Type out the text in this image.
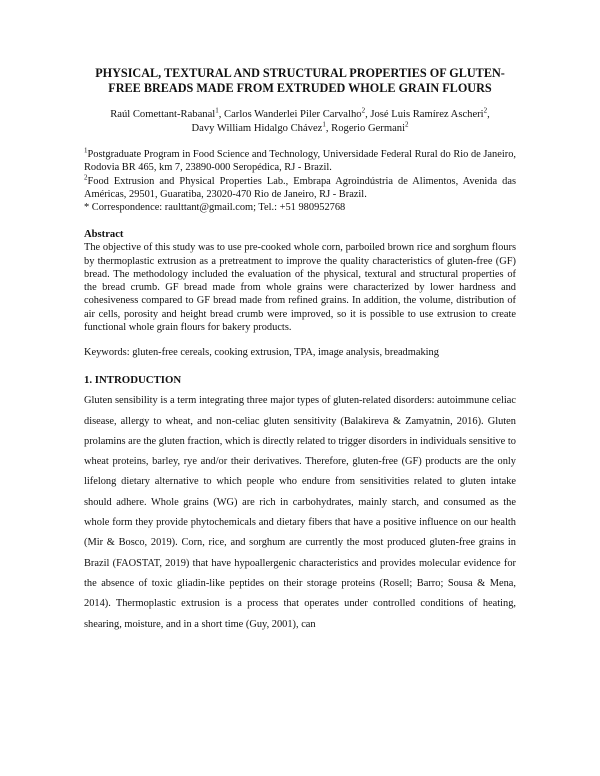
PHYSICAL, TEXTURAL AND STRUCTURAL PROPERTIES OF GLUTEN-FREE BREADS MADE FROM EXTRUDED WHOLE GRAIN FLOURS
Raúl Comettant-Rabanal$^1$, Carlos Wanderlei Piler Carvalho$^2$, José Luis Ramírez Ascheri$^2$,
Davy William Hidalgo Chávez$^1$, Rogerio Germani$^2$

$^1$Postgraduate Program in Food Science and Technology, Universidade Federal Rural do Rio de Janeiro, Rodovia BR 465, km 7, 23890-000 Seropédica, RJ - Brazil.

$^2$Food Extrusion and Physical Properties Lab., Embrapa Agroindústria de Alimentos, Avenida das Américas, 29501, Guaratiba, 23020-470 Rio de Janeiro, RJ - Brazil.

* Correspondence: raulttant@gmail.com; Tel.: +51 980952768

Abstract

The objective of this study was to use pre-cooked whole corn, parboiled brown rice and sorghum flours by thermoplastic extrusion as a pretreatment to improve the quality characteristics of gluten-free (GF) bread. The methodology included the evaluation of the physical, textural and structural properties of the bread crumb. GF bread made from whole grains were characterized by lower hardness and cohesiveness compared to GF bread made from refined grains. In addition, the volume, distribution of air cells, porosity and height bread crumb were improved, so it is possible to use extrusion to create functional whole grain flours for bakery products.

Keywords: gluten-free cereals, cooking extrusion, TPA, image analysis, breadmaking
1. INTRODUCTION

Gluten sensibility is a term integrating three major types of gluten-related disorders: autoimmune celiac disease, allergy to wheat, and non-celiac gluten sensitivity (Balakireva & Zamyatnin, 2016). Gluten prolamins are the gluten fraction, which is directly related to trigger disorders in individuals sensitive to wheat proteins, barley, rye and/or their derivatives. Therefore, gluten-free (GF) products are the only lifelong dietary alternative to which people who endure from sensitivities related to gluten intake should adhere. Whole grains (WG) are rich in carbohydrates, mainly starch, and consumed as the whole form they provide phytochemicals and dietary fibers that have a positive influence on our health (Mir & Bosco, 2019). Corn, rice, and sorghum are currently the most produced gluten-free grains in Brazil (FAOSTAT, 2019) that have hypoallergenic characteristics and provides molecular evidence for the absence of toxic gliadin-like peptides on their storage proteins (Rosell; Barro; Sousa & Mena, 2014). Thermoplastic extrusion is a process that operates under controlled conditions of heating, shearing, moisture, and in a short time (Guy, 2001), can
